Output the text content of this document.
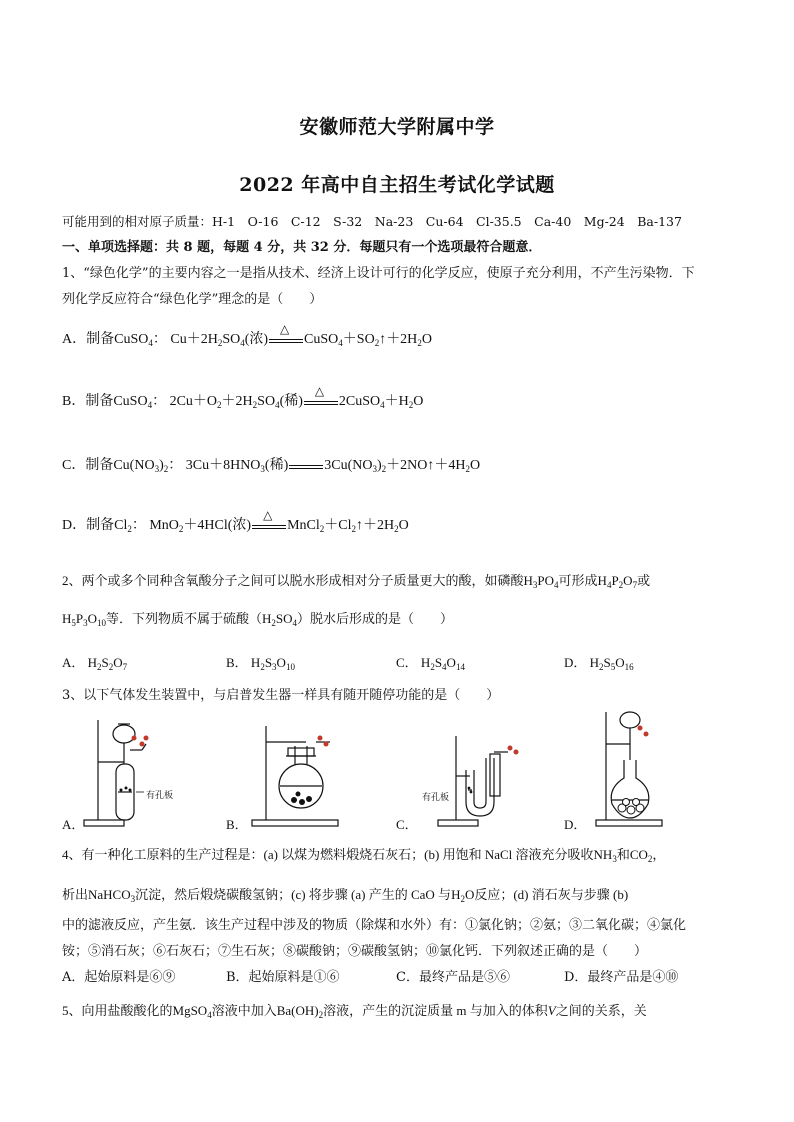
安徽师范大学附属中学
2022 年高中自主招生考试化学试题
可能用到的相对原子质量：H-1　O-16　C-12　S-32　Na-23　Cu-64　Cl-35.5　Ca-40　Mg-24　Ba-137
一、单项选择题：共 8 题，每题 4 分，共 32 分．每题只有一个选项最符合题意．
1、“绿色化学”的主要内容之一是指从技术、经济上设计可行的化学反应，使原子充分利用，不产生污染物．下
列化学反应符合“绿色化学”理念的是（　　）
A．制备CuSO$_4$： $Cu+2H_2SO_4$(浓)
△
$CuSO_4+SO_2↑+2H_2O$
B．制备CuSO$_4$： $2Cu+O_2+2H_2SO_4$(稀)
△
$2CuSO_4+H_2O$
C．制备$Cu(NO_3)_2$： $3Cu+8HNO_3$(稀)	$3Cu(NO_3)_2+2NO↑+4H_2O$
D．制备$Cl_2$： MnO$_2$＋4HCl(浓)
△
$MnCl_2+Cl_2↑+2H_2O$
2、两个或多个同种含氧酸分子之间可以脱水形成相对分子质量更大的酸，如磷酸$H_3PO_4$可形成$H_4P_2O_7$或
$H_5P_3O_{10}$等．下列物质不属于硫酸$(H_2SO_4)$脱水后形成的是（　　）
A． $H_2S_2O_7$	B． $H_2S_3O_{10}$	C． $H_2S_4O_{14}$	D． $H_2S_5O_{16}$
3、以下气体发生装置中，与启普发生器一样具有随开随停功能的是（　　）
有孔板
A．	B．
有孔板
C．	D．
4、有一种化工原料的生产过程是：(a) 以煤为燃料煅烧石灰石；(b) 用饱和 NaCl 溶液充分吸收$NH_3$和$CO_2$，
析出NaHCO$_3$沉淀，然后煅烧碳酸氢钠；(c) 将步骤 (a) 产生的 CaO 与$H_2O$反应；(d) 消石灰与步骤 (b)
中的滤液反应，产生氨．该生产过程中涉及的物质（除煤和水外）有：①氯化钠；②氨；③二氧化碳；④氯化
铵；⑤消石灰；⑥石灰石；⑦生石灰；⑧碳酸钠；⑨碳酸氢钠；⑩氯化钙．下列叙述正确的是（　　）
A．起始原料是⑥⑨	B．起始原料是①⑥	C．最终产品是⑤⑥	D．最终产品是④⑩
5、向用盐酸酸化的MgSO$_4$溶液中加入$Ba(OH)_2$溶液，产生的沉淀质量 m 与加入的体积V之间的关系，关
